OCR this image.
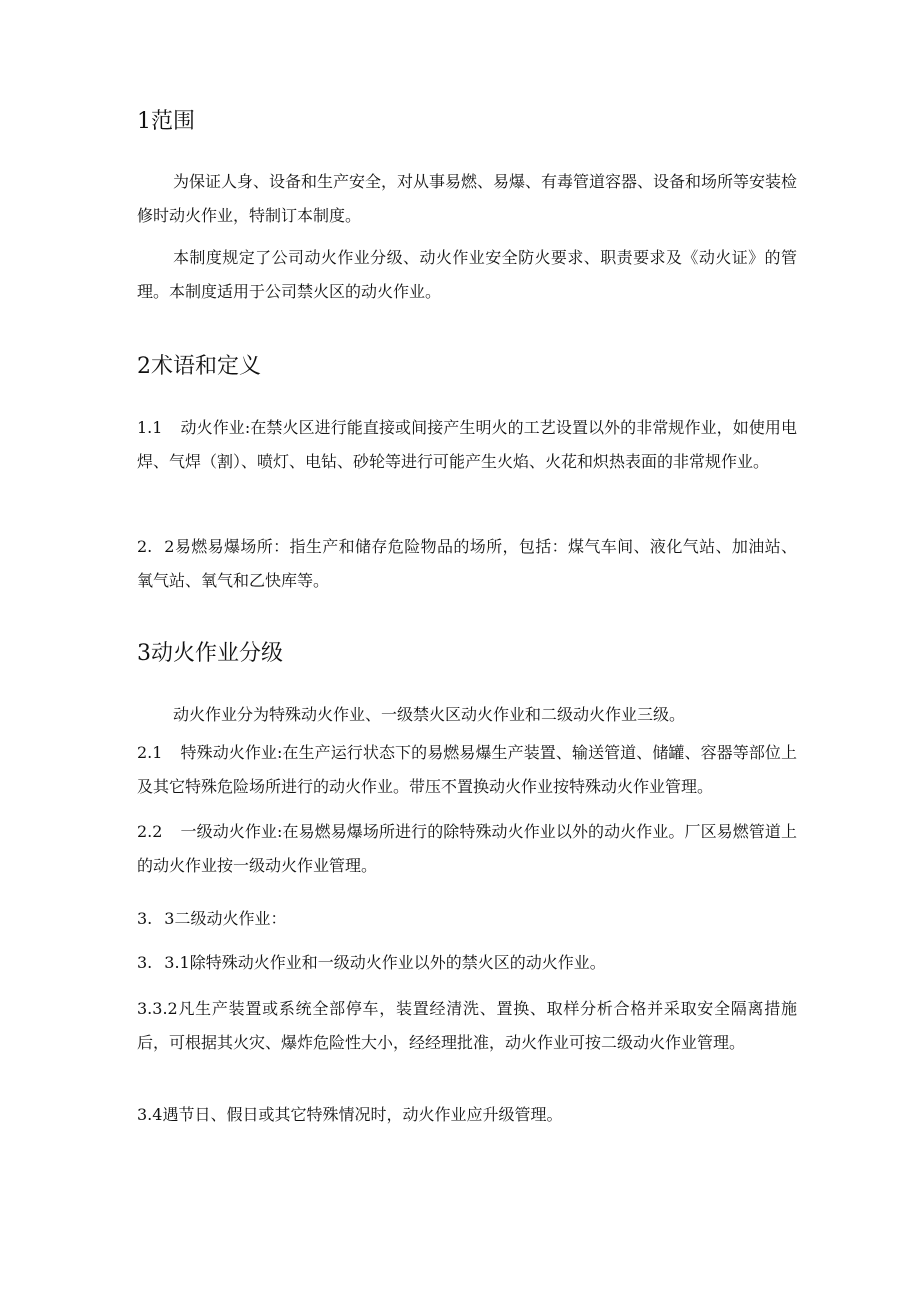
1范围

为保证人身、设备和生产安全，对从事易燃、易爆、有毒管道容器、设备和场所等安装检修时动火作业，特制订本制度。

本制度规定了公司动火作业分级、动火作业安全防火要求、职责要求及《动火证》的管理。本制度适用于公司禁火区的动火作业。

2术语和定义

1.1 动火作业:在禁火区进行能直接或间接产生明火的工艺设置以外的非常规作业，如使用电焊、气焊（割）、喷灯、电钻、砂轮等进行可能产生火焰、火花和炽热表面的非常规作业。

2. 2易燃易爆场所：指生产和储存危险物品的场所，包括：煤气车间、液化气站、加油站、氧气站、氧气和乙快库等。

3动火作业分级

动火作业分为特殊动火作业、一级禁火区动火作业和二级动火作业三级。

2.1 特殊动火作业:在生产运行状态下的易燃易爆生产装置、输送管道、储罐、容器等部位上及其它特殊危险场所进行的动火作业。带压不置换动火作业按特殊动火作业管理。

2.2 一级动火作业:在易燃易爆场所进行的除特殊动火作业以外的动火作业。厂区易燃管道上的动火作业按一级动火作业管理。

3. 3二级动火作业：

3. 3.1除特殊动火作业和一级动火作业以外的禁火区的动火作业。

3.3.2凡生产装置或系统全部停车，装置经清洗、置换、取样分析合格并采取安全隔离措施后，可根据其火灾、爆炸危险性大小，经经理批准，动火作业可按二级动火作业管理。

3.4遇节日、假日或其它特殊情况时，动火作业应升级管理。
